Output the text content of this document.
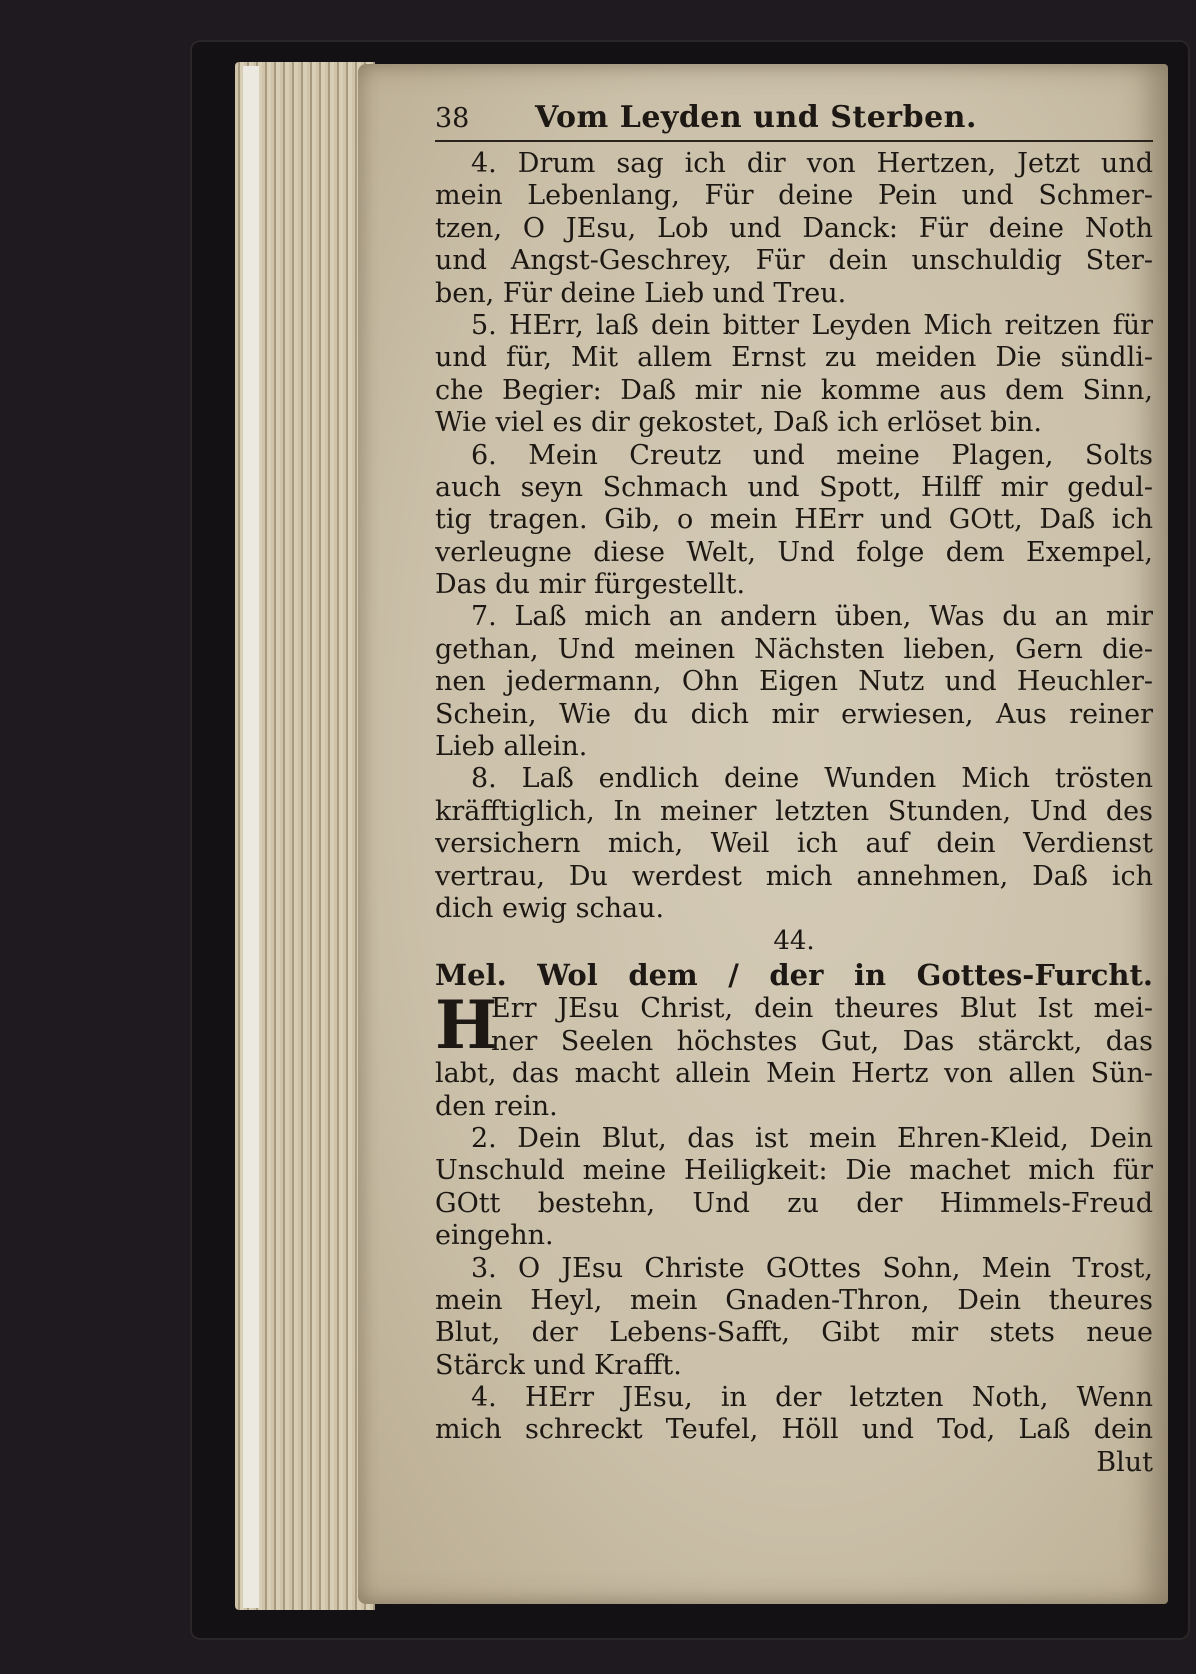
38	Vom Leyden und Sterben.
4. Drum sag ich dir von Hertzen, Jetzt und
mein Lebenlang, Für deine Pein und Schmer-
tzen, O JEsu, Lob und Danck: Für deine Noth
und Angst-Geschrey, Für dein unschuldig Ster-
ben, Für deine Lieb und Treu.
5. HErr, laß dein bitter Leyden Mich reitzen für
und für, Mit allem Ernst zu meiden Die sündli-
che Begier: Daß mir nie komme aus dem Sinn,
Wie viel es dir gekostet, Daß ich erlöset bin.
6. Mein Creutz und meine Plagen, Solts
auch seyn Schmach und Spott, Hilff mir gedul-
tig tragen. Gib, o mein HErr und GOtt, Daß ich
verleugne diese Welt, Und folge dem Exempel,
Das du mir fürgestellt.
7. Laß mich an andern üben, Was du an mir
gethan, Und meinen Nächsten lieben, Gern die-
nen jedermann, Ohn Eigen Nutz und Heuchler-
Schein, Wie du dich mir erwiesen, Aus reiner
Lieb allein.
8. Laß endlich deine Wunden Mich trösten
kräfftiglich, In meiner letzten Stunden, Und des
versichern mich, Weil ich auf dein Verdienst
vertrau, Du werdest mich annehmen, Daß ich
dich ewig schau.
44.
Mel. Wol dem / der in Gottes-Furcht.
H
Err JEsu Christ, dein theures Blut Ist mei-
ner Seelen höchstes Gut, Das stärckt, das
labt, das macht allein Mein Hertz von allen Sün-
den rein.
2. Dein Blut, das ist mein Ehren-Kleid, Dein
Unschuld meine Heiligkeit: Die machet mich für
GOtt bestehn, Und zu der Himmels-Freud
eingehn.
3. O JEsu Christe GOttes Sohn, Mein Trost,
mein Heyl, mein Gnaden-Thron, Dein theures
Blut, der Lebens-Safft, Gibt mir stets neue
Stärck und Krafft.
4. HErr JEsu, in der letzten Noth, Wenn
mich schreckt Teufel, Höll und Tod, Laß dein
Blut
